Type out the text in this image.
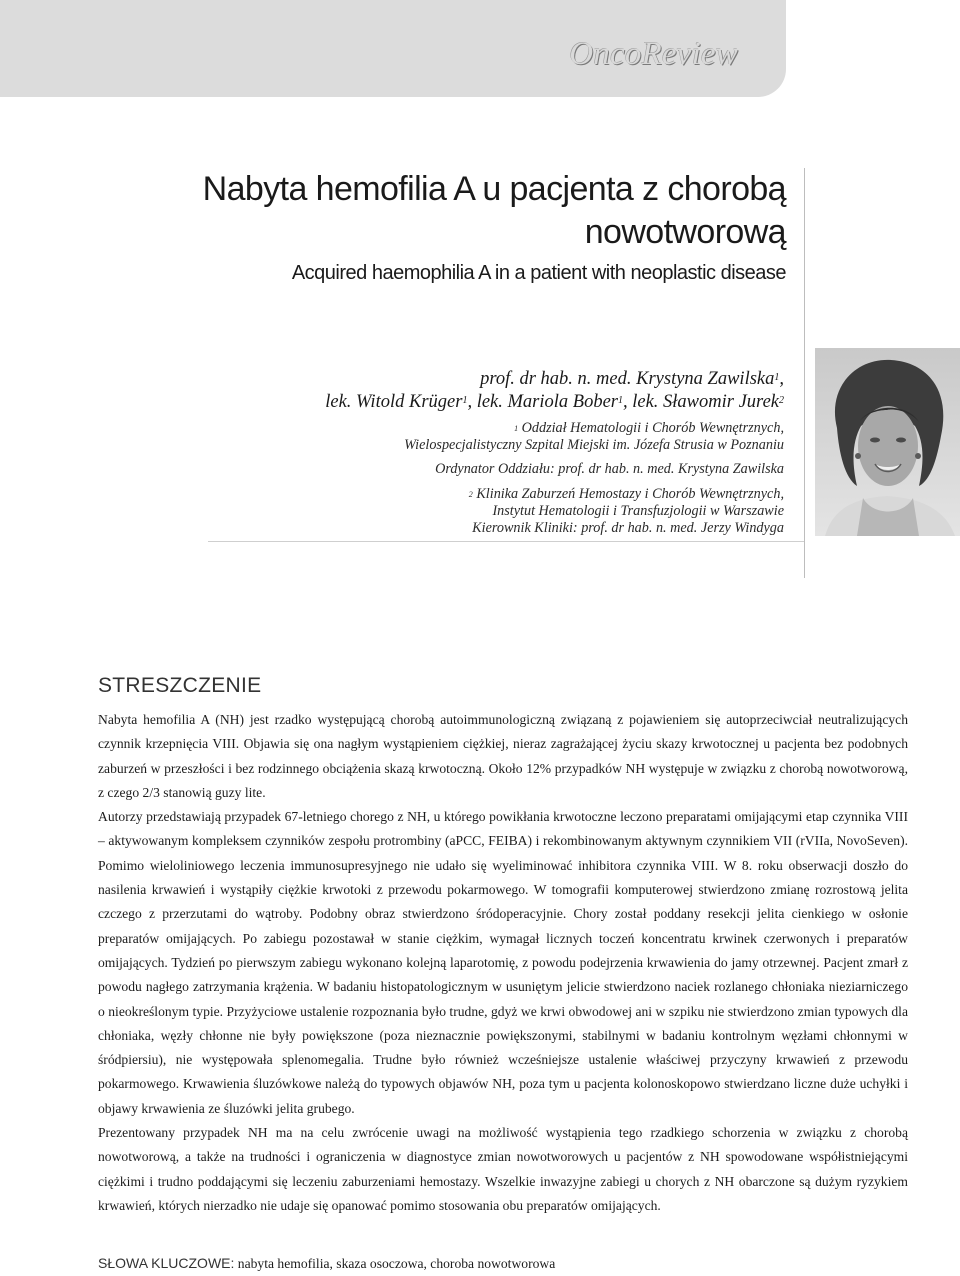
OncoReview
Nabyta hemofilia A u pacjenta z chorobą
nowotworową
Acquired haemophilia A in a patient with neoplastic disease
prof. dr hab. n. med. Krystyna Zawilska$^1$,
lek. Witold Krüger$^1$, lek. Mariola Bober$^1$, lek. Sławomir Jurek$^2$
$^1$ Oddział Hematologii i Chorób Wewnętrznych,
Wielospecjalistyczny Szpital Miejski im. Józefa Strusia w Poznaniu
Ordynator Oddziału: prof. dr hab. n. med. Krystyna Zawilska
$^2$ Klinika Zaburzeń Hemostazy i Chorób Wewnętrznych,
Instytut Hematologii i Transfuzjologii w Warszawie
Kierownik Kliniki: prof. dr hab. n. med. Jerzy Windyga
STRESZCZENIE

Nabyta hemofilia A (NH) jest rzadko występującą chorobą autoimmunologiczną związaną z pojawieniem się autoprzeciwciał neutralizujących czynnik krzepnięcia VIII. Objawia się ona nagłym wystąpieniem ciężkiej, nieraz zagrażającej życiu skazy krwotocznej u pacjenta bez podobnych zaburzeń w przeszłości i bez rodzinnego obciążenia skazą krwotoczną. Około 12% przypadków NH występuje w związku z chorobą nowotworową, z czego 2/3 stanowią guzy lite.

Autorzy przedstawiają przypadek 67-letniego chorego z NH, u którego powikłania krwotoczne leczono preparatami omijającymi etap czynnika VIII – aktywowanym kompleksem czynników zespołu protrombiny (aPCC, FEIBA) i rekombinowanym aktywnym czynnikiem VII (rVIIa, NovoSeven). Pomimo wieloliniowego leczenia immunosupresyjnego nie udało się wyeliminować inhibitora czynnika VIII. W 8. roku obserwacji doszło do nasilenia krwawień i wystąpiły ciężkie krwotoki z przewodu pokarmowego. W tomografii komputerowej stwierdzono zmianę rozrostową jelita czczego z przerzutami do wątroby. Podobny obraz stwierdzono śródoperacyjnie. Chory został poddany resekcji jelita cienkiego w osłonie preparatów omijających. Po zabiegu pozostawał w stanie ciężkim, wymagał licznych toczeń koncentratu krwinek czerwonych i preparatów omijających. Tydzień po pierwszym zabiegu wykonano kolejną laparotomię, z powodu podejrzenia krwawienia do jamy otrzewnej. Pacjent zmarł z powodu nagłego zatrzymania krążenia. W badaniu histopatologicznym w usuniętym jelicie stwierdzono naciek rozlanego chłoniaka nieziarniczego o nieokreślonym typie. Przyżyciowe ustalenie rozpoznania było trudne, gdyż we krwi obwodowej ani w szpiku nie stwierdzono zmian typowych dla chłoniaka, węzły chłonne nie były powiększone (poza nieznacznie powiększonymi, stabilnymi w badaniu kontrolnym węzłami chłonnymi w śródpiersiu), nie występowała splenomegalia. Trudne było również wcześniejsze ustalenie właściwej przyczyny krwawień z przewodu pokarmowego. Krwawienia śluzówkowe należą do typowych objawów NH, poza tym u pacjenta kolonoskopowo stwierdzano liczne duże uchyłki i objawy krwawienia ze śluzówki jelita grubego.

Prezentowany przypadek NH ma na celu zwrócenie uwagi na możliwość wystąpienia tego rzadkiego schorzenia w związku z chorobą nowotworową, a także na trudności i ograniczenia w diagnostyce zmian nowotworowych u pacjentów z NH spowodowane współistniejącymi ciężkimi i trudno poddającymi się leczeniu zaburzeniami hemostazy. Wszelkie inwazyjne zabiegi u chorych z NH obarczone są dużym ryzykiem krwawień, których nierzadko nie udaje się opanować pomimo stosowania obu preparatów omijających.

SŁOWA KLUCZOWE: nabyta hemofilia, skaza osoczowa, choroba nowotworowa
